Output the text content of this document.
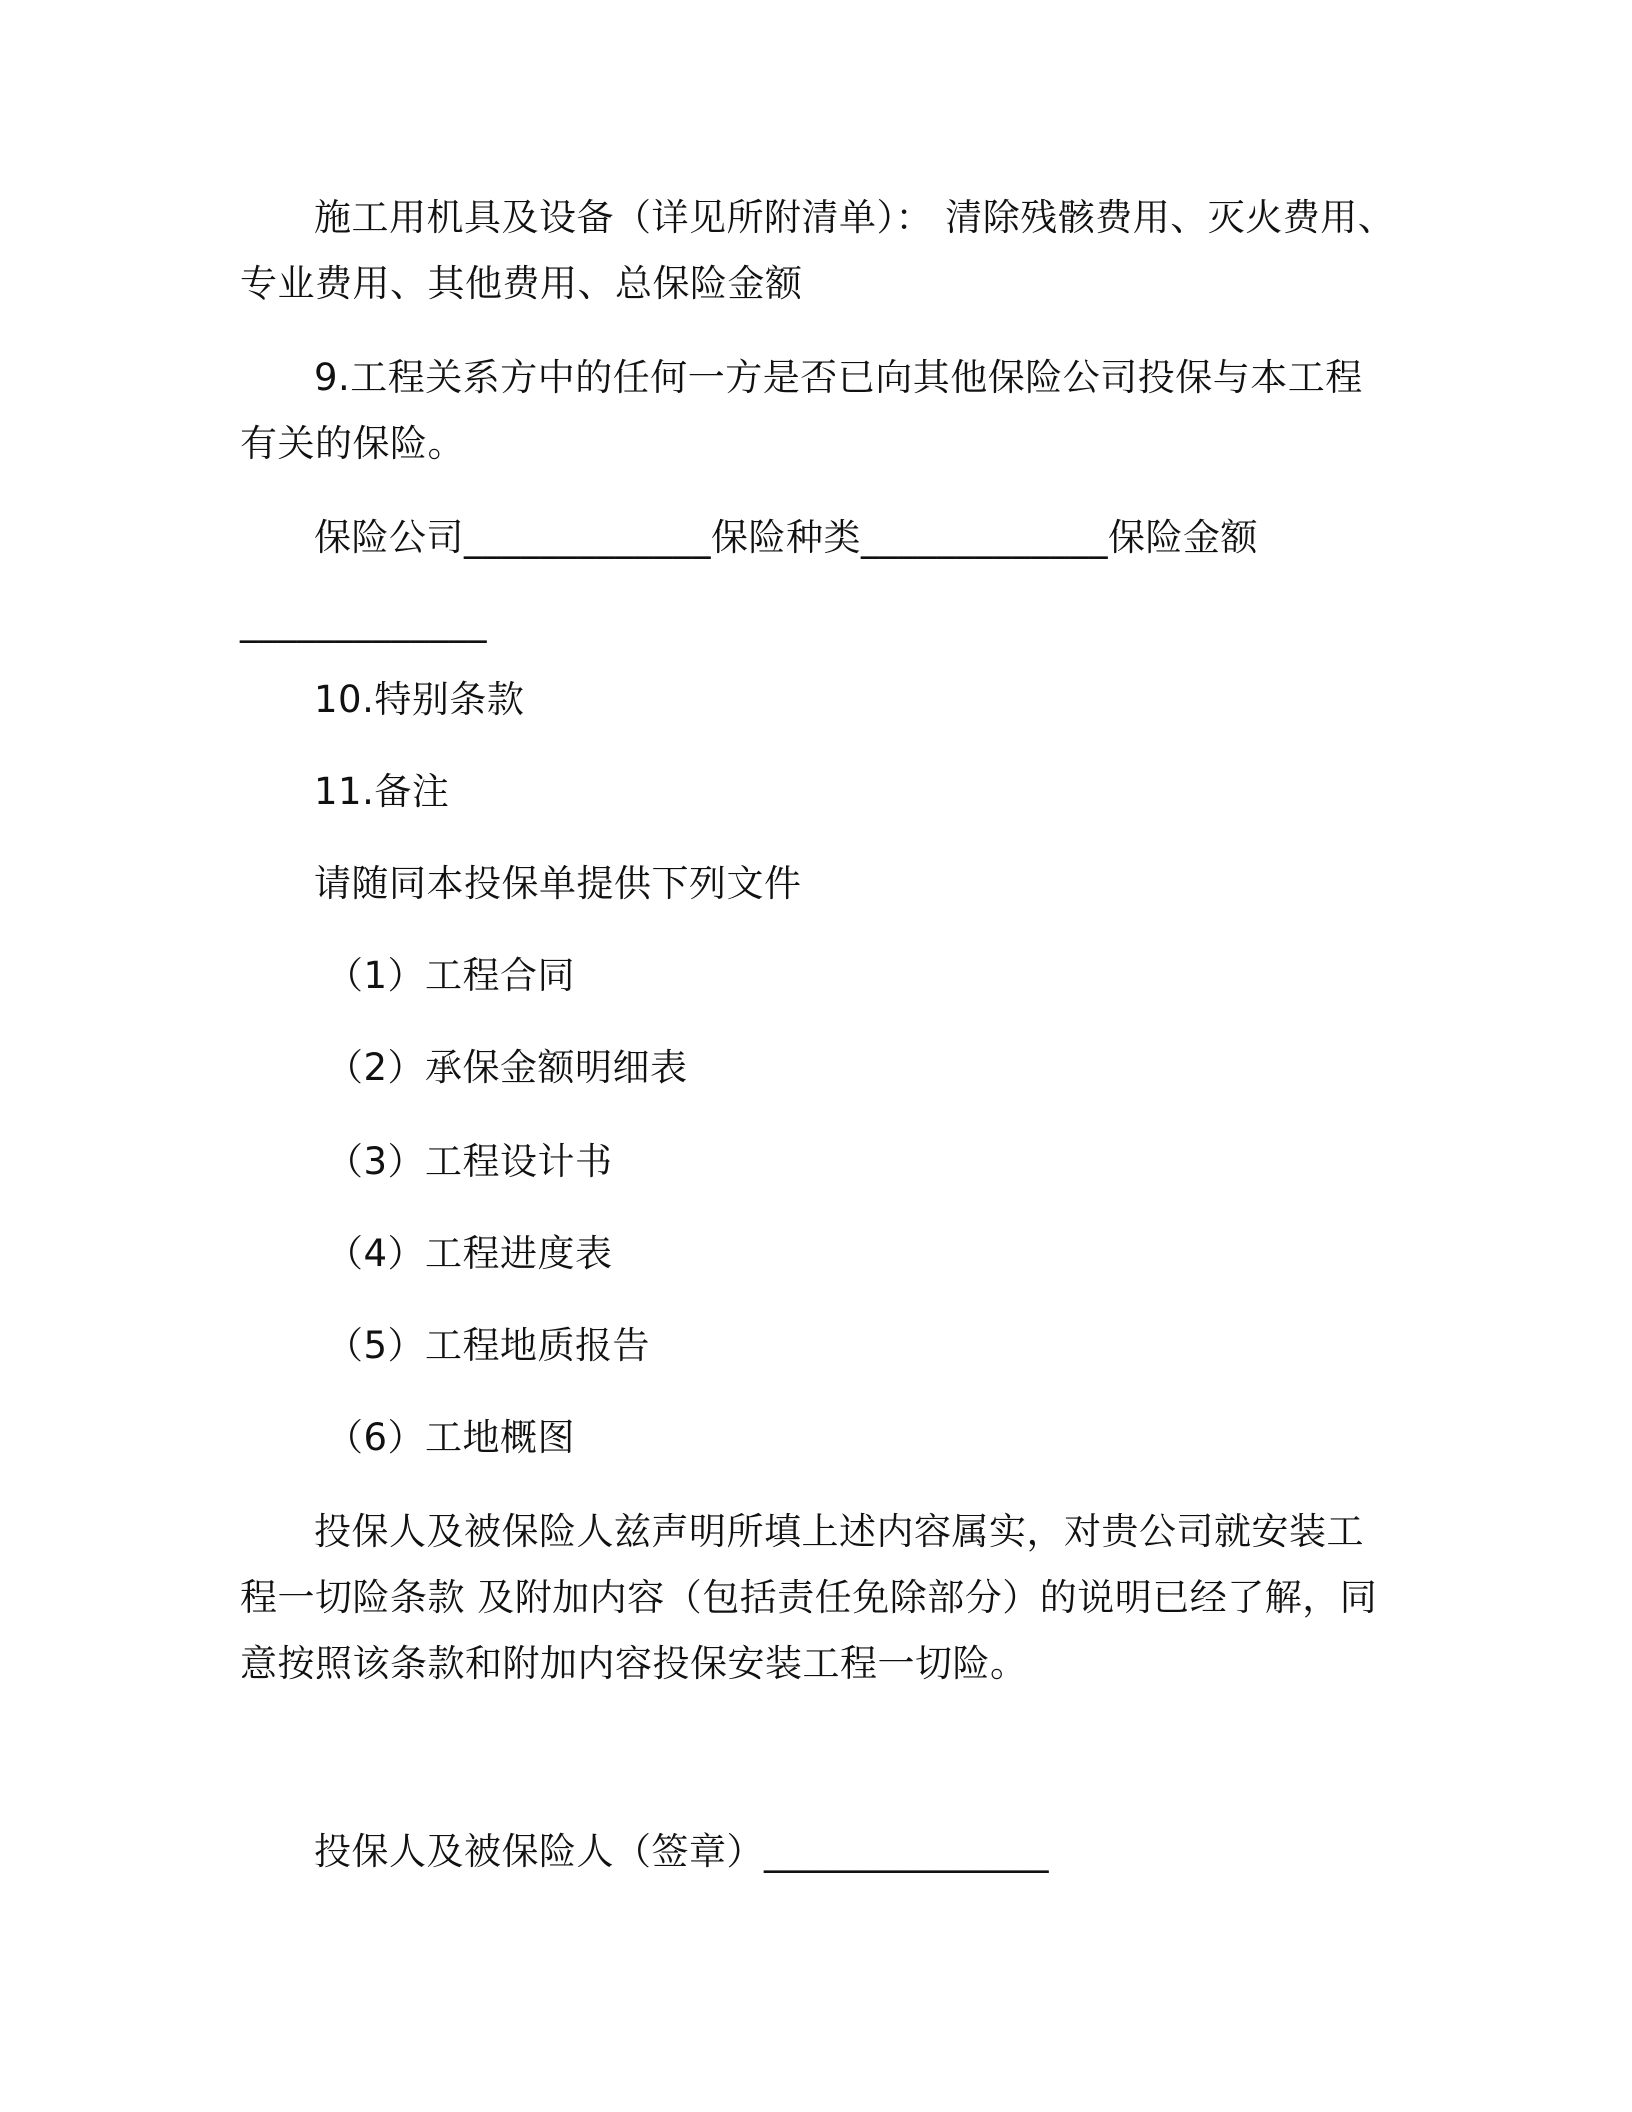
施工用机具及设备（详见所附清单）： 清除残骸费用、灭火费用、
专业费用、其他费用、总保险金额
9.工程关系方中的任何一方是否已向其他保险公司投保与本工程
有关的保险。
保险公司_____________保险种类_____________保险金额
_____________
10.特别条款
11.备注
请随同本投保单提供下列文件
（1）工程合同
（2）承保金额明细表
（3）工程设计书
（4）工程进度表
（5）工程地质报告
（6）工地概图
投保人及被保险人兹声明所填上述内容属实，对贵公司就安装工
程一切险条款 及附加内容（包括责任免除部分）的说明已经了解，同
意按照该条款和附加内容投保安装工程一切险。
投保人及被保险人（签章）_______________
